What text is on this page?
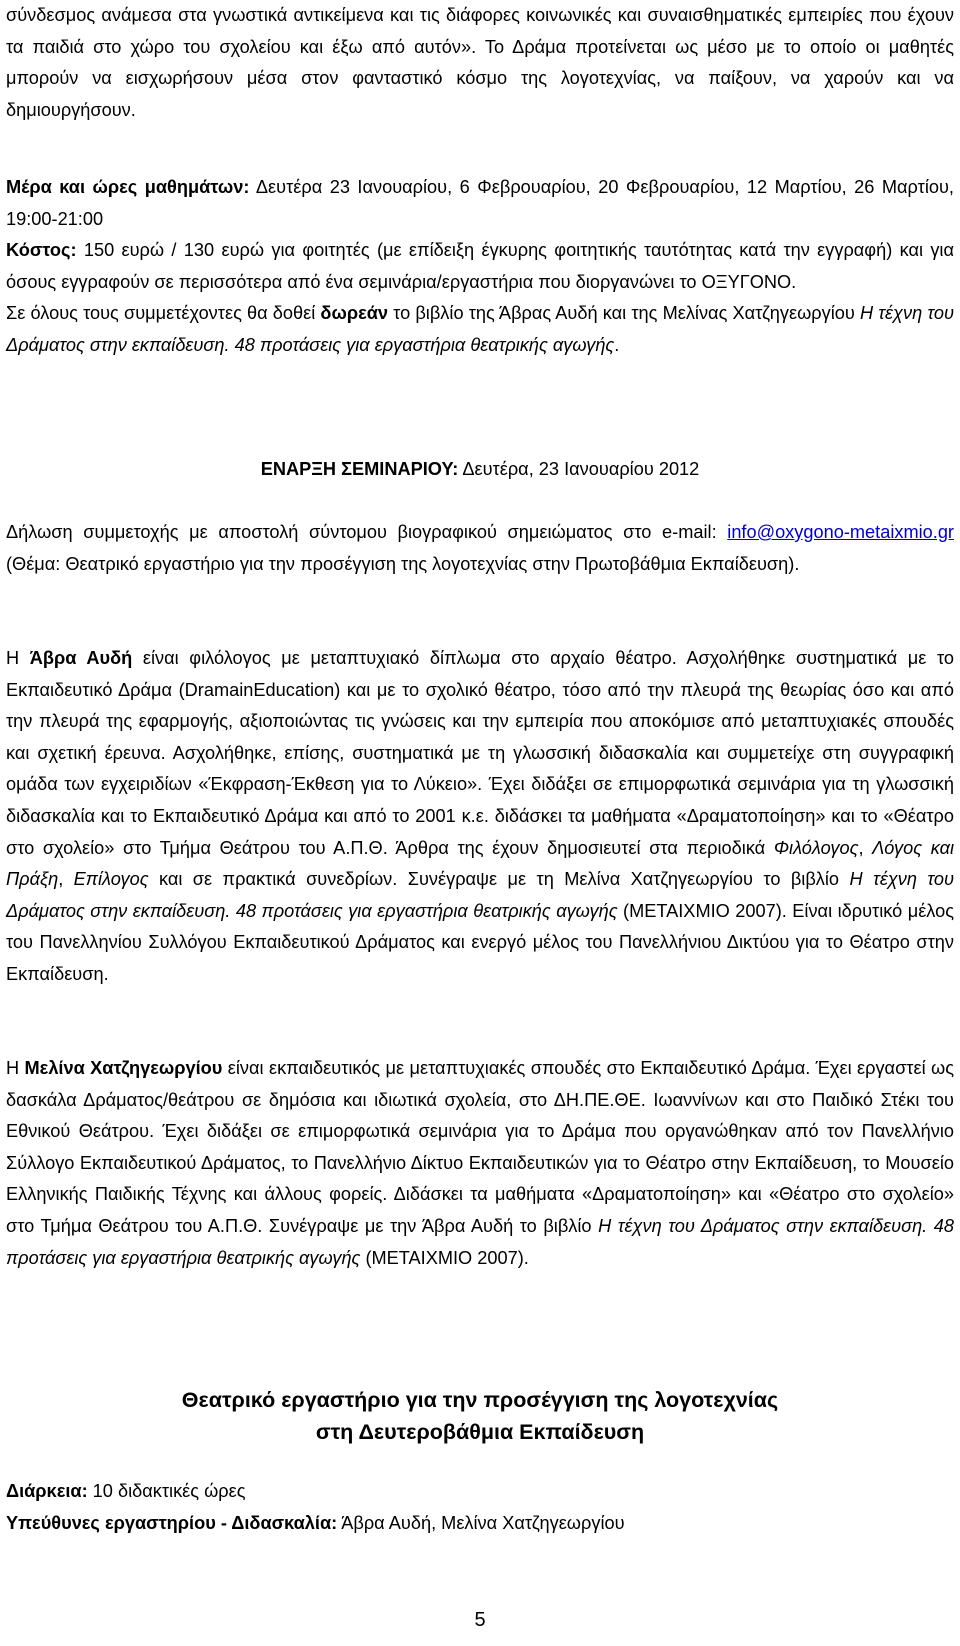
σύνδεσμος ανάμεσα στα γνωστικά αντικείμενα και τις διάφορες κοινωνικές και συναισθηματικές εμπειρίες που έχουν τα παιδιά στο χώρο του σχολείου και έξω από αυτόν». Το Δράμα προτείνεται ως μέσο με το οποίο οι μαθητές μπορούν να εισχωρήσουν μέσα στον φανταστικό κόσμο της λογοτεχνίας, να παίξουν, να χαρούν και να δημιουργήσουν.

Μέρα και ώρες μαθημάτων: Δευτέρα 23 Ιανουαρίου, 6 Φεβρουαρίου, 20 Φεβρουαρίου, 12 Μαρτίου, 26 Μαρτίου, 19:00-21:00

Κόστος: 150 ευρώ / 130 ευρώ για φοιτητές (με επίδειξη έγκυρης φοιτητικής ταυτότητας κατά την εγγραφή) και για όσους εγγραφούν σε περισσότερα από ένα σεμινάρια/εργαστήρια που διοργανώνει το ΟΞΥΓΟΝΟ.

Σε όλους τους συμμετέχοντες θα δοθεί δωρεάν το βιβλίο της Άβρας Αυδή και της Μελίνας Χατζηγεωργίου Η τέχνη του Δράματος στην εκπαίδευση. 48 προτάσεις για εργαστήρια θεατρικής αγωγής.

ΕΝΑΡΞΗ ΣΕΜΙΝΑΡΙΟΥ: Δευτέρα, 23 Ιανουαρίου 2012

Δήλωση συμμετοχής με αποστολή σύντομου βιογραφικού σημειώματος στο e-mail: info@oxygono-metaixmio.gr (Θέμα: Θεατρικό εργαστήριο για την προσέγγιση της λογοτεχνίας στην Πρωτοβάθμια Εκπαίδευση).

Η Άβρα Αυδή είναι φιλόλογος με μεταπτυχιακό δίπλωμα στο αρχαίο θέατρο. Ασχολήθηκε συστηματικά με το Εκπαιδευτικό Δράμα (DramainEducation) και με το σχολικό θέατρο, τόσο από την πλευρά της θεωρίας όσο και από την πλευρά της εφαρμογής, αξιοποιώντας τις γνώσεις και την εμπειρία που αποκόμισε από μεταπτυχιακές σπουδές και σχετική έρευνα. Ασχολήθηκε, επίσης, συστηματικά με τη γλωσσική διδασκαλία και συμμετείχε στη συγγραφική ομάδα των εγχειριδίων «Έκφραση-Έκθεση για το Λύκειο». Έχει διδάξει σε επιμορφωτικά σεμινάρια για τη γλωσσική διδασκαλία και το Εκπαιδευτικό Δράμα και από το 2001 κ.ε. διδάσκει τα μαθήματα «Δραματοποίηση» και το «Θέατρο στο σχολείο» στο Τμήμα Θεάτρου του Α.Π.Θ. Άρθρα της έχουν δημοσιευτεί στα περιοδικά Φιλόλογος, Λόγος και Πράξη, Επίλογος και σε πρακτικά συνεδρίων. Συνέγραψε με τη Μελίνα Χατζηγεωργίου το βιβλίο Η τέχνη του Δράματος στην εκπαίδευση. 48 προτάσεις για εργαστήρια θεατρικής αγωγής (ΜΕΤΑΙΧΜΙΟ 2007). Είναι ιδρυτικό μέλος του Πανελληνίου Συλλόγου Εκπαιδευτικού Δράματος και ενεργό μέλος του Πανελλήνιου Δικτύου για το Θέατρο στην Εκπαίδευση.

Η Μελίνα Χατζηγεωργίου είναι εκπαιδευτικός με μεταπτυχιακές σπουδές στο Εκπαιδευτικό Δράμα. Έχει εργαστεί ως δασκάλα Δράματος/θεάτρου σε δημόσια και ιδιωτικά σχολεία, στο ΔΗ.ΠΕ.ΘΕ. Ιωαννίνων και στο Παιδικό Στέκι του Εθνικού Θεάτρου. Έχει διδάξει σε επιμορφωτικά σεμινάρια για το Δράμα που οργανώθηκαν από τον Πανελλήνιο Σύλλογο Εκπαιδευτικού Δράματος, το Πανελλήνιο Δίκτυο Εκπαιδευτικών για το Θέατρο στην Εκπαίδευση, το Μουσείο Ελληνικής Παιδικής Τέχνης και άλλους φορείς. Διδάσκει τα μαθήματα «Δραματοποίηση» και «Θέατρο στο σχολείο» στο Τμήμα Θεάτρου του Α.Π.Θ. Συνέγραψε με την Άβρα Αυδή το βιβλίο Η τέχνη του Δράματος στην εκπαίδευση. 48 προτάσεις για εργαστήρια θεατρικής αγωγής (ΜΕΤΑΙΧΜΙΟ 2007).

Θεατρικό εργαστήριο για την προσέγγιση της λογοτεχνίας

στη Δευτεροβάθμια Εκπαίδευση

Διάρκεια: 10 διδακτικές ώρες

Υπεύθυνες εργαστηρίου - Διδασκαλία: Άβρα Αυδή, Μελίνα Χατζηγεωργίου

5
